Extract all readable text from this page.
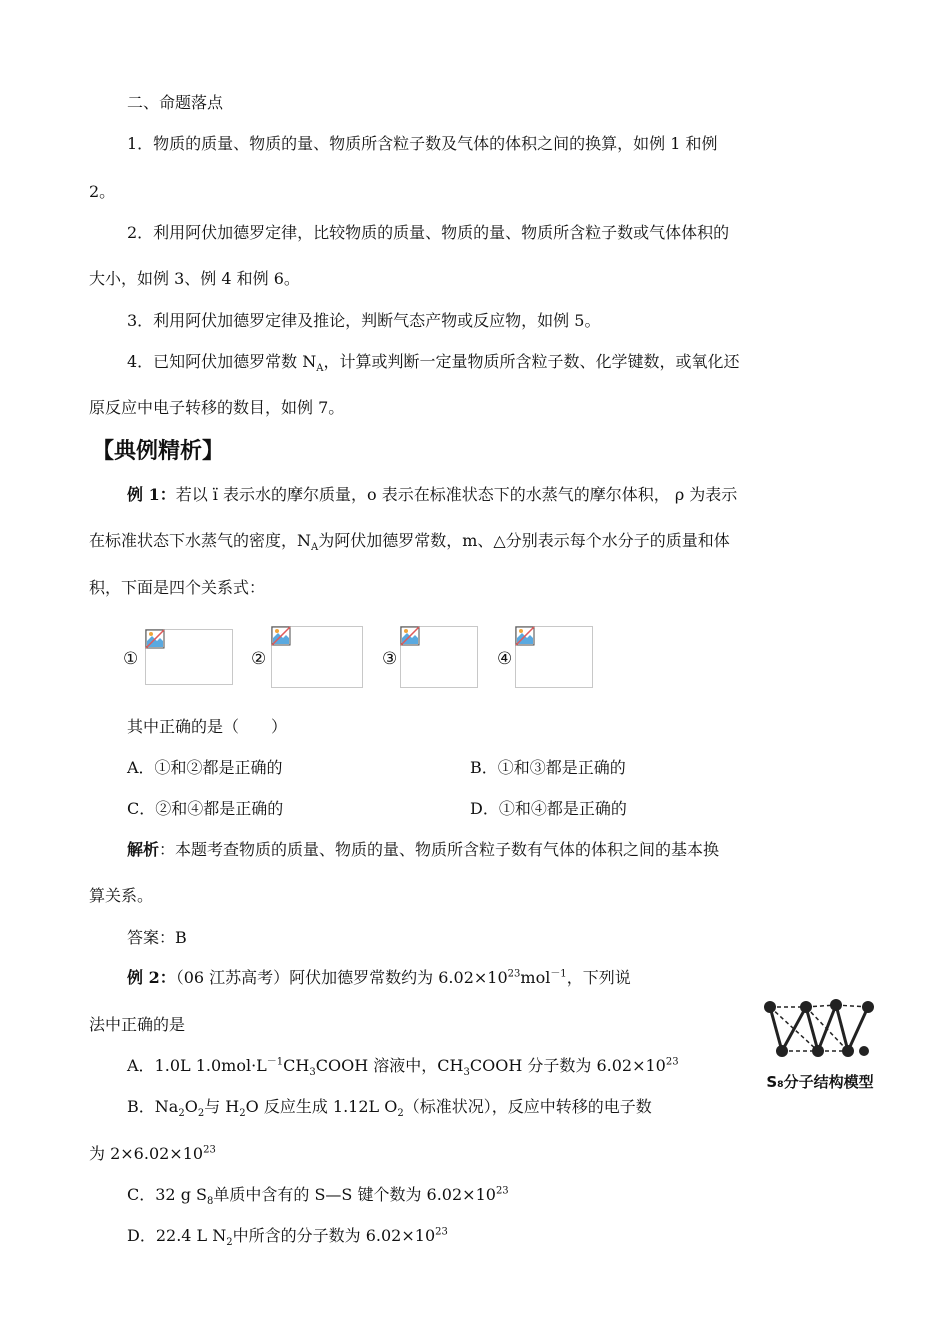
二、命题落点
1．物质的质量、物质的量、物质所含粒子数及气体的体积之间的换算，如例 1 和例
2。
2．利用阿伏加德罗定律，比较物质的质量、物质的量、物质所含粒子数或气体体积的
大小，如例 3、例 4 和例 6。
3．利用阿伏加德罗定律及推论，判断气态产物或反应物，如例 5。
4．已知阿伏加德罗常数 $N_A$，计算或判断一定量物质所含粒子数、化学键数，或氧化还
原反应中电子转移的数目，如例 7。
【典例精析】
例 1：若以 ï 表示水的摩尔质量，o 表示在标准状态下的水蒸气的摩尔体积， ρ 为表示
在标准状态下水蒸气的密度，$N_A$为阿伏加德罗常数，m、△分别表示每个水分子的质量和体
积，下面是四个关系式：
①	②	③	④
其中正确的是（　　）
A．①和②都是正确的	B．①和③都是正确的
C．②和④都是正确的	D．①和④都是正确的
解析：本题考查物质的质量、物质的量、物质所含粒子数有气体的体积之间的基本换
算关系。
答案：B
例 2：（06 江苏高考）阿伏加德罗常数约为 $6.02\times 10^{23}mol^{-1}$，下列说
法中正确的是
A．1.0L $1.0mol\cdot L^{-1}CH_3COOH$ 溶液中，$CH_3COOH$ 分子数为 $6.02\times 10^{23}$
B．$Na_2O_2$与 $H_2O$ 反应生成 1.12L $O_2$（标准状况），反应中转移的电子数
为 $2\times 6.02\times 10^{23}$
C．32 g $S_8$单质中含有的 S—S 键个数为 $6.02\times 10^{23}$
D．22.4 L $N_2$中所含的分子数为 $6.02\times 10^{23}$
S₈分子结构模型
